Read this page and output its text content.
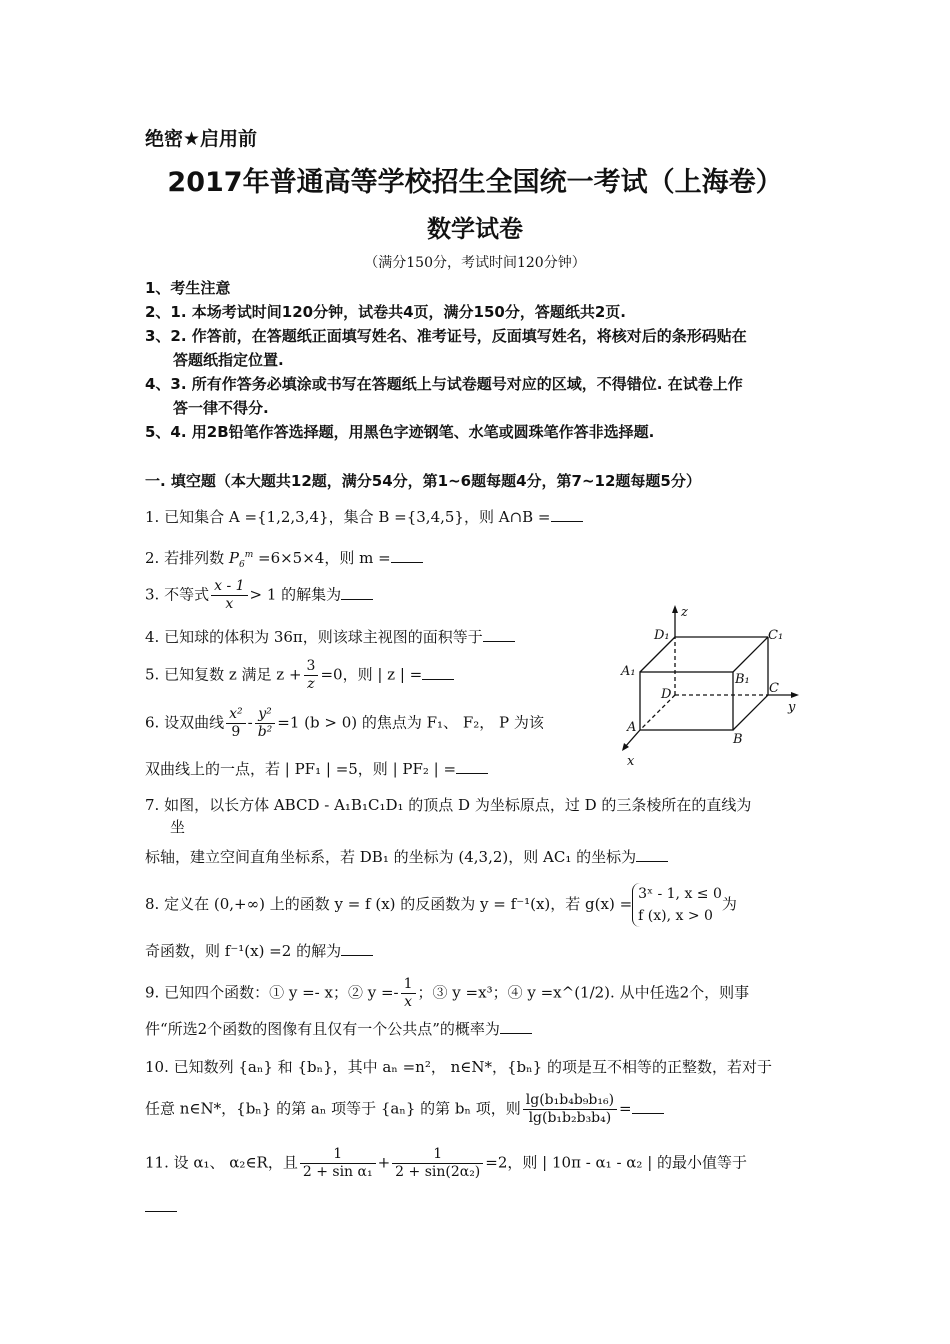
绝密★启用前
2017年普通高等学校招生全国统一考试（上海卷）
数学试卷
（满分150分，考试时间120分钟）

1、考生注意

2、1. 本场考试时间120分钟，试卷共4页，满分150分，答题纸共2页.

3、2. 作答前，在答题纸正面填写姓名、准考证号，反面填写姓名，将核对后的条形码贴在

答题纸指定位置.

4、3. 所有作答务必填涂或书写在答题纸上与试卷题号对应的区域，不得错位. 在试卷上作

答一律不得分.

5、4. 用2B铅笔作答选择题，用黑色字迹钢笔、水笔或圆珠笔作答非选择题.

一. 填空题（本大题共12题，满分54分，第1~6题每题4分，第7~12题每题5分）
1. 已知集合 A ={1,2,3,4}，集合 B ={3,4,5}，则 A∩B =
2. 若排列数 $P_6^m =6\times 5\times 4$，则 m =
3. 不等式 $\frac{x - 1}{x} > 1$ 的解集为
4. 已知球的体积为 36π，则该球主视图的面积等于
5. 已知复数 z 满足 $z + \frac{3}{z} =0$，则 | z | =
6. 设双曲线 $\frac{\text{x²}}{9} - \frac{\text{y²}}{\text{b²}} =1$ (b > 0) 的焦点为 F₁、 F₂， P 为该
双曲线上的一点，若 | PF₁ | =5，则 | PF₂ | =
7. 如图，以长方体 ABCD - A₁B₁C₁D₁ 的顶点 D 为坐标原点，过 D 的三条棱所在的直线为
坐
标轴，建立空间直角坐标系，若 DB₁ 的坐标为 (4,3,2)，则 AC₁ 的坐标为
8. 定义在 (0,+∞) 上的函数 y = f (x) 的反函数为 y = f⁻¹(x)，若 g(x) =
3ˣ - 1, x ≤ 0
f (x), x > 0
为
奇函数，则 f⁻¹(x) =2 的解为
9. 已知四个函数：① y =- x；② $y =- \frac{1}{x}$ ；③ y =x³；④ y =x^(1/2). 从中任选2个，则事
件“所选2个函数的图像有且仅有一个公共点”的概率为
10. 已知数列 {aₙ} 和 {bₙ}，其中 aₙ =n²， n∈N*，{bₙ} 的项是互不相等的正整数，若对于
任意 n∈N*，{bₙ} 的第 aₙ 项等于 {aₙ} 的第 bₙ 项，则 $\frac{\text{lg(b₁b₄b₉b₁₆)}}{\text{lg(b₁b₂b₃b₄)}}$ =
11. 设 α₁、 α₂∈R，且 $\frac{1}{\text{2 + sin α₁}} + \frac{1}{\text{2 + sin(2α₂)}} =2$，则 | 10π - α₁ - α₂ | 的最小值等于
z
y
x
D₁	C₁
A₁
B₁
D	C
A
B
